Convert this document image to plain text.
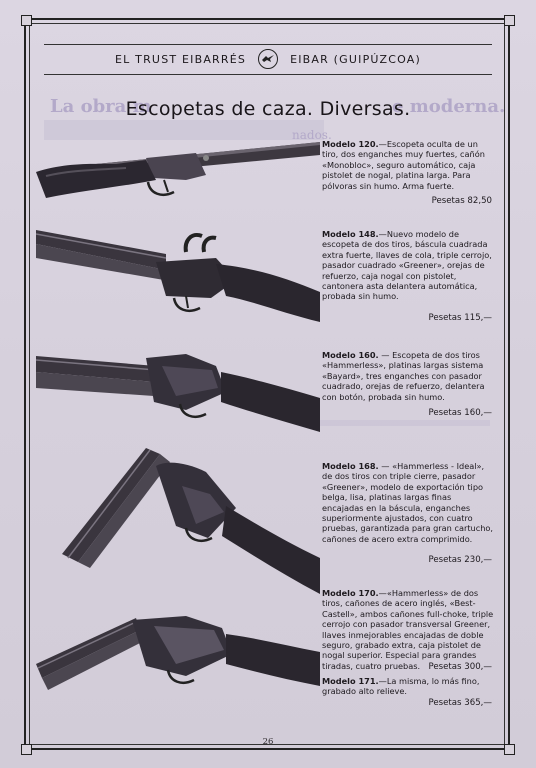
EL TRUST EIBARRÉS	EIBAR (GUIPÚZCOA)
La obra m	e moderna.
nados.
Escopetas de caza. Diversas.
Modelo 120.—Escopeta oculta de un tiro, dos enganches muy fuertes, cañón «Monobloc», seguro automático, caja pistolet de nogal, platina larga. Para pólvoras sin humo. Arma fuerte.
Pesetas 82,50
Modelo 148.—Nuevo modelo de escopeta de dos tiros, báscula cuadrada extra fuerte, llaves de cola, triple cerrojo, pasador cuadrado «Greener», orejas de refuerzo, caja nogal con pistolet, cantonera asta delantera automática, probada sin humo.
Pesetas 115,—
Modelo 160. — Escopeta de dos tiros «Hammerless», platinas largas sistema «Bayard», tres enganches con pasador cuadrado, orejas de refuerzo, delantera con botón, probada sin humo.
Pesetas 160,—
Modelo 168. — «Hammerless - Ideal», de dos tiros con triple cierre, pasador «Greener», modelo de exportación tipo belga, lisa, platinas largas finas encajadas en la báscula, enganches superiormente ajustados, con cuatro pruebas, garantizada para gran cartucho, cañones de acero extra comprimido.
Pesetas 230,—
Modelo 170.—«Hammerless» de dos tiros, cañones de acero inglés, «Best-Castell», ambos cañones full-choke, triple cerrojo con pasador transversal Greener, llaves inmejorables encajadas de doble seguro, grabado extra, caja pistolet de nogal superior. Especial para grandes tiradas, cuatro pruebas. Pesetas 300,—
Modelo 171.—La misma, lo más fino, grabado alto relieve.
Pesetas 365,—
26
